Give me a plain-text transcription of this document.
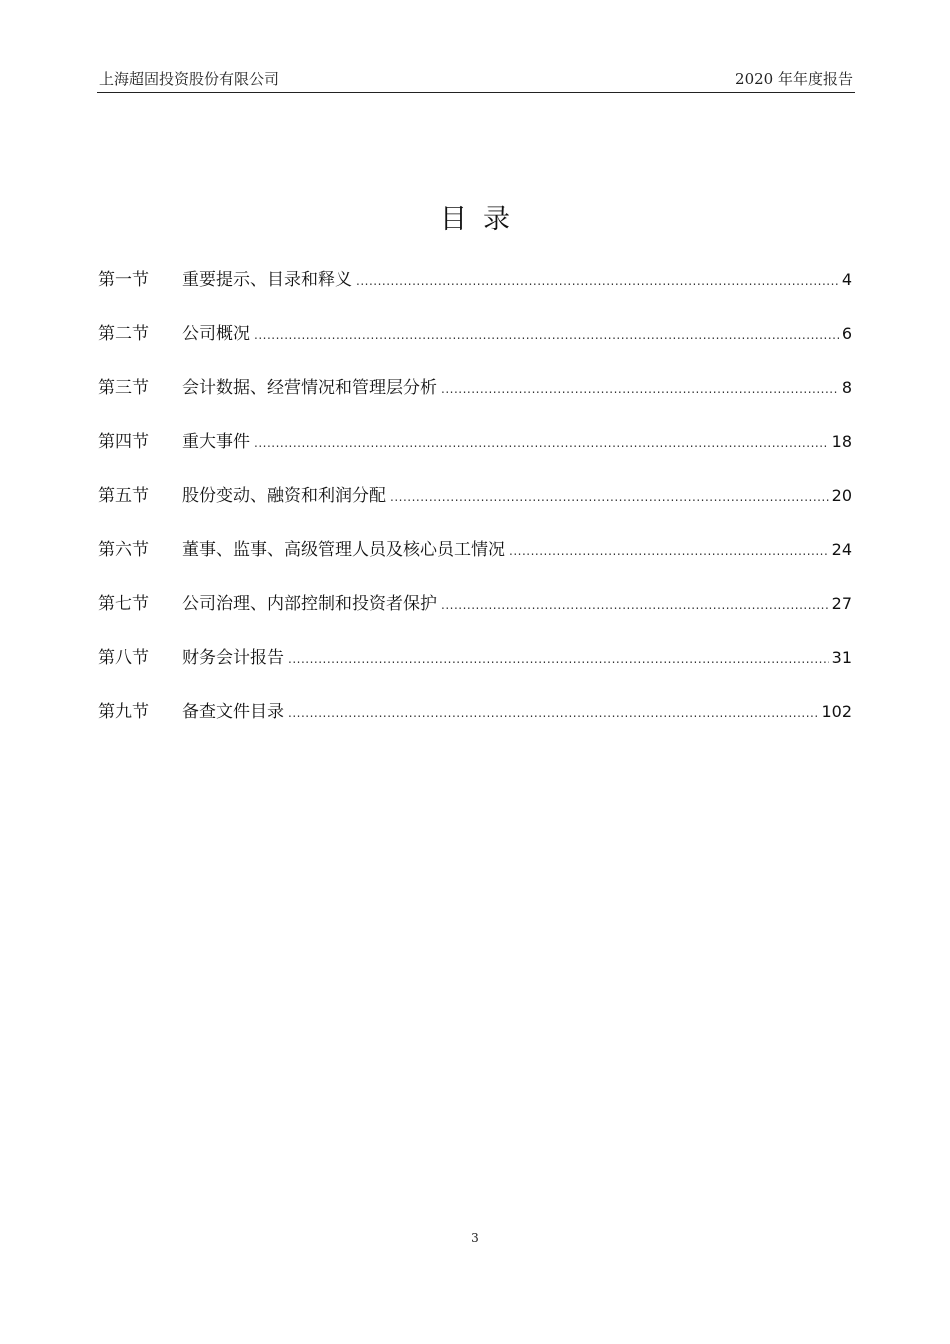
上海超固投资股份有限公司	2020 年年度报告
目录
第一节	重要提示、目录和释义 .....	4
第二节	公司概况 .....	6
第三节	会计数据、经营情况和管理层分析 .....	8
第四节	重大事件 .....	18
第五节	股份变动、融资和利润分配 .....	20
第六节	董事、监事、高级管理人员及核心员工情况 .....	24
第七节	公司治理、内部控制和投资者保护 .....	27
第八节	财务会计报告 .....	31
第九节	备查文件目录 .....	102
3
